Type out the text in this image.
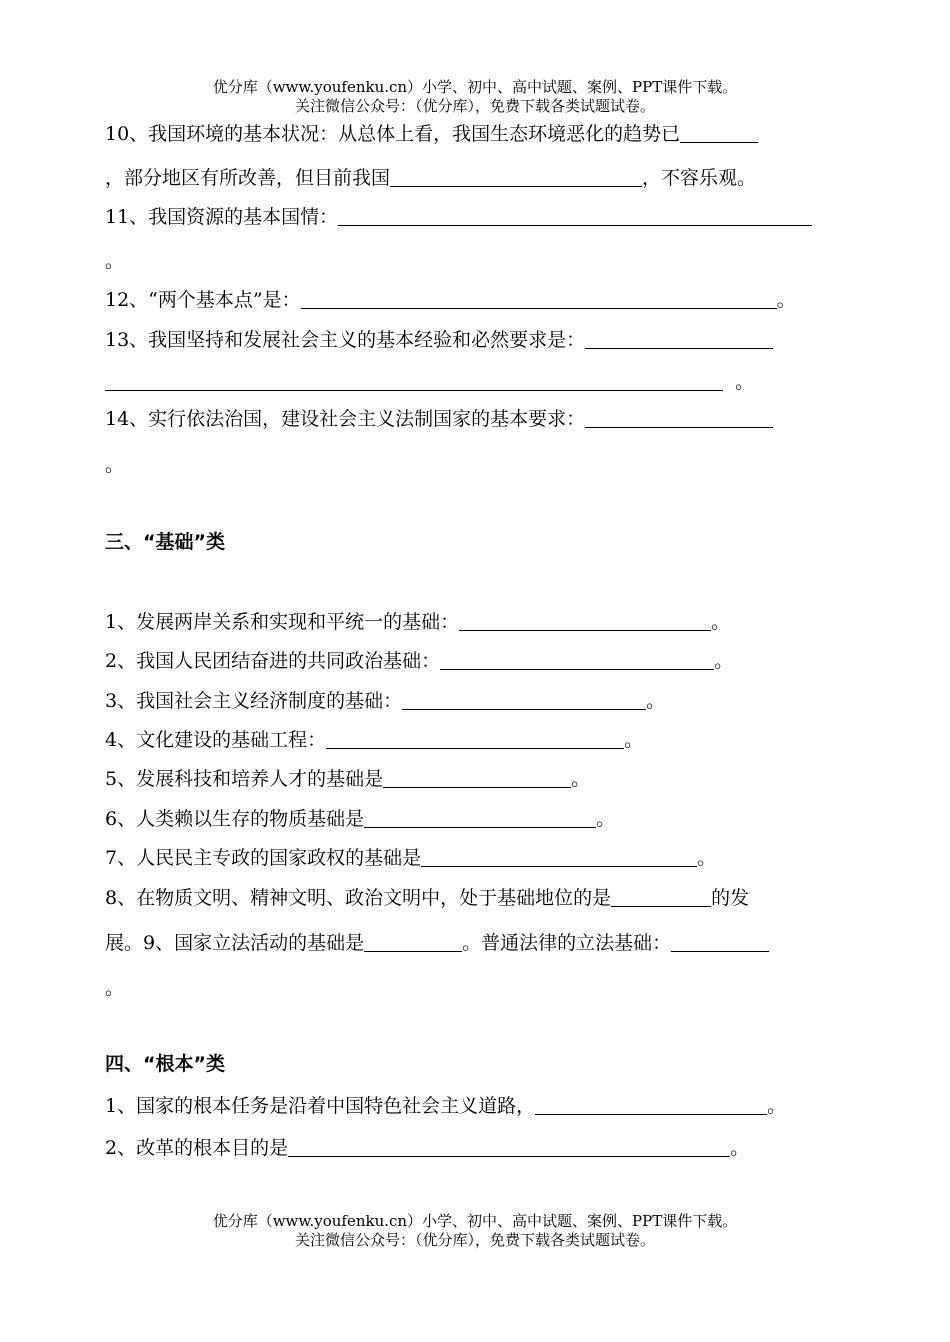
优分库（www.youfenku.cn）小学、初中、高中试题、案例、PPT课件下载。
关注微信公众号：（优分库），免费下载各类试题试卷。
10、我国环境的基本状况：从总体上看，我国生态环境恶化的趋势已
，部分地区有所改善，但目前我国	，不容乐观。
11、我国资源的基本国情：
。
12、“两个基本点”是：	。
13、我国坚持和发展社会主义的基本经验和必然要求是：
。
14、实行依法治国，建设社会主义法制国家的基本要求：
。
三、“基础”类
1、发展两岸关系和实现和平统一的基础：	。
2、我国人民团结奋进的共同政治基础：	。
3、我国社会主义经济制度的基础：	。
4、文化建设的基础工程：	。
5、发展科技和培养人才的基础是	。
6、人类赖以生存的物质基础是	。
7、人民民主专政的国家政权的基础是	。
8、在物质文明、精神文明、政治文明中，处于基础地位的是	的发
展。9、国家立法活动的基础是	。普通法律的立法基础：
。
四、“根本”类
1、国家的根本任务是沿着中国特色社会主义道路，	。
2、改革的根本目的是	。
优分库（www.youfenku.cn）小学、初中、高中试题、案例、PPT课件下载。
关注微信公众号：（优分库），免费下载各类试题试卷。
